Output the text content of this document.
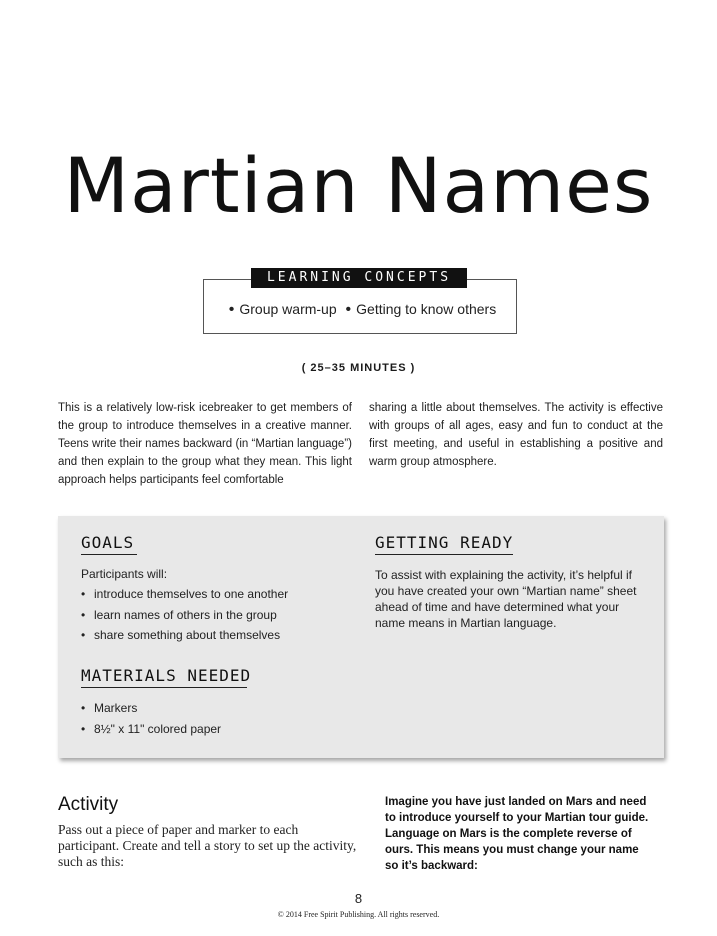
Martian Names
LEARNING CONCEPTS
• Group warm-up • Getting to know others
( 25–35 MINUTES )
This is a relatively low-risk icebreaker to get members of the group to introduce themselves in a creative manner. Teens write their names backward (in “Martian language”) and then explain to the group what they mean. This light approach helps participants feel comfortable
sharing a little about themselves. The activity is effective with groups of all ages, easy and fun to conduct at the first meeting, and useful in establishing a positive and warm group atmosphere.
GOALS
Participants will:
• introduce themselves to one another
• learn names of others in the group
• share something about themselves
GETTING READY
To assist with explaining the activity, it’s helpful if you have created your own “Martian name” sheet ahead of time and have determined what your name means in Martian language.
MATERIALS NEEDED
• Markers
• 8½" x 11" colored paper
Activity
Pass out a piece of paper and marker to each participant. Create and tell a story to set up the activity, such as this:
Imagine you have just landed on Mars and need to introduce yourself to your Martian tour guide. Language on Mars is the complete reverse of ours. This means you must change your name so it’s backward:
8
© 2014 Free Spirit Publishing. All rights reserved.
